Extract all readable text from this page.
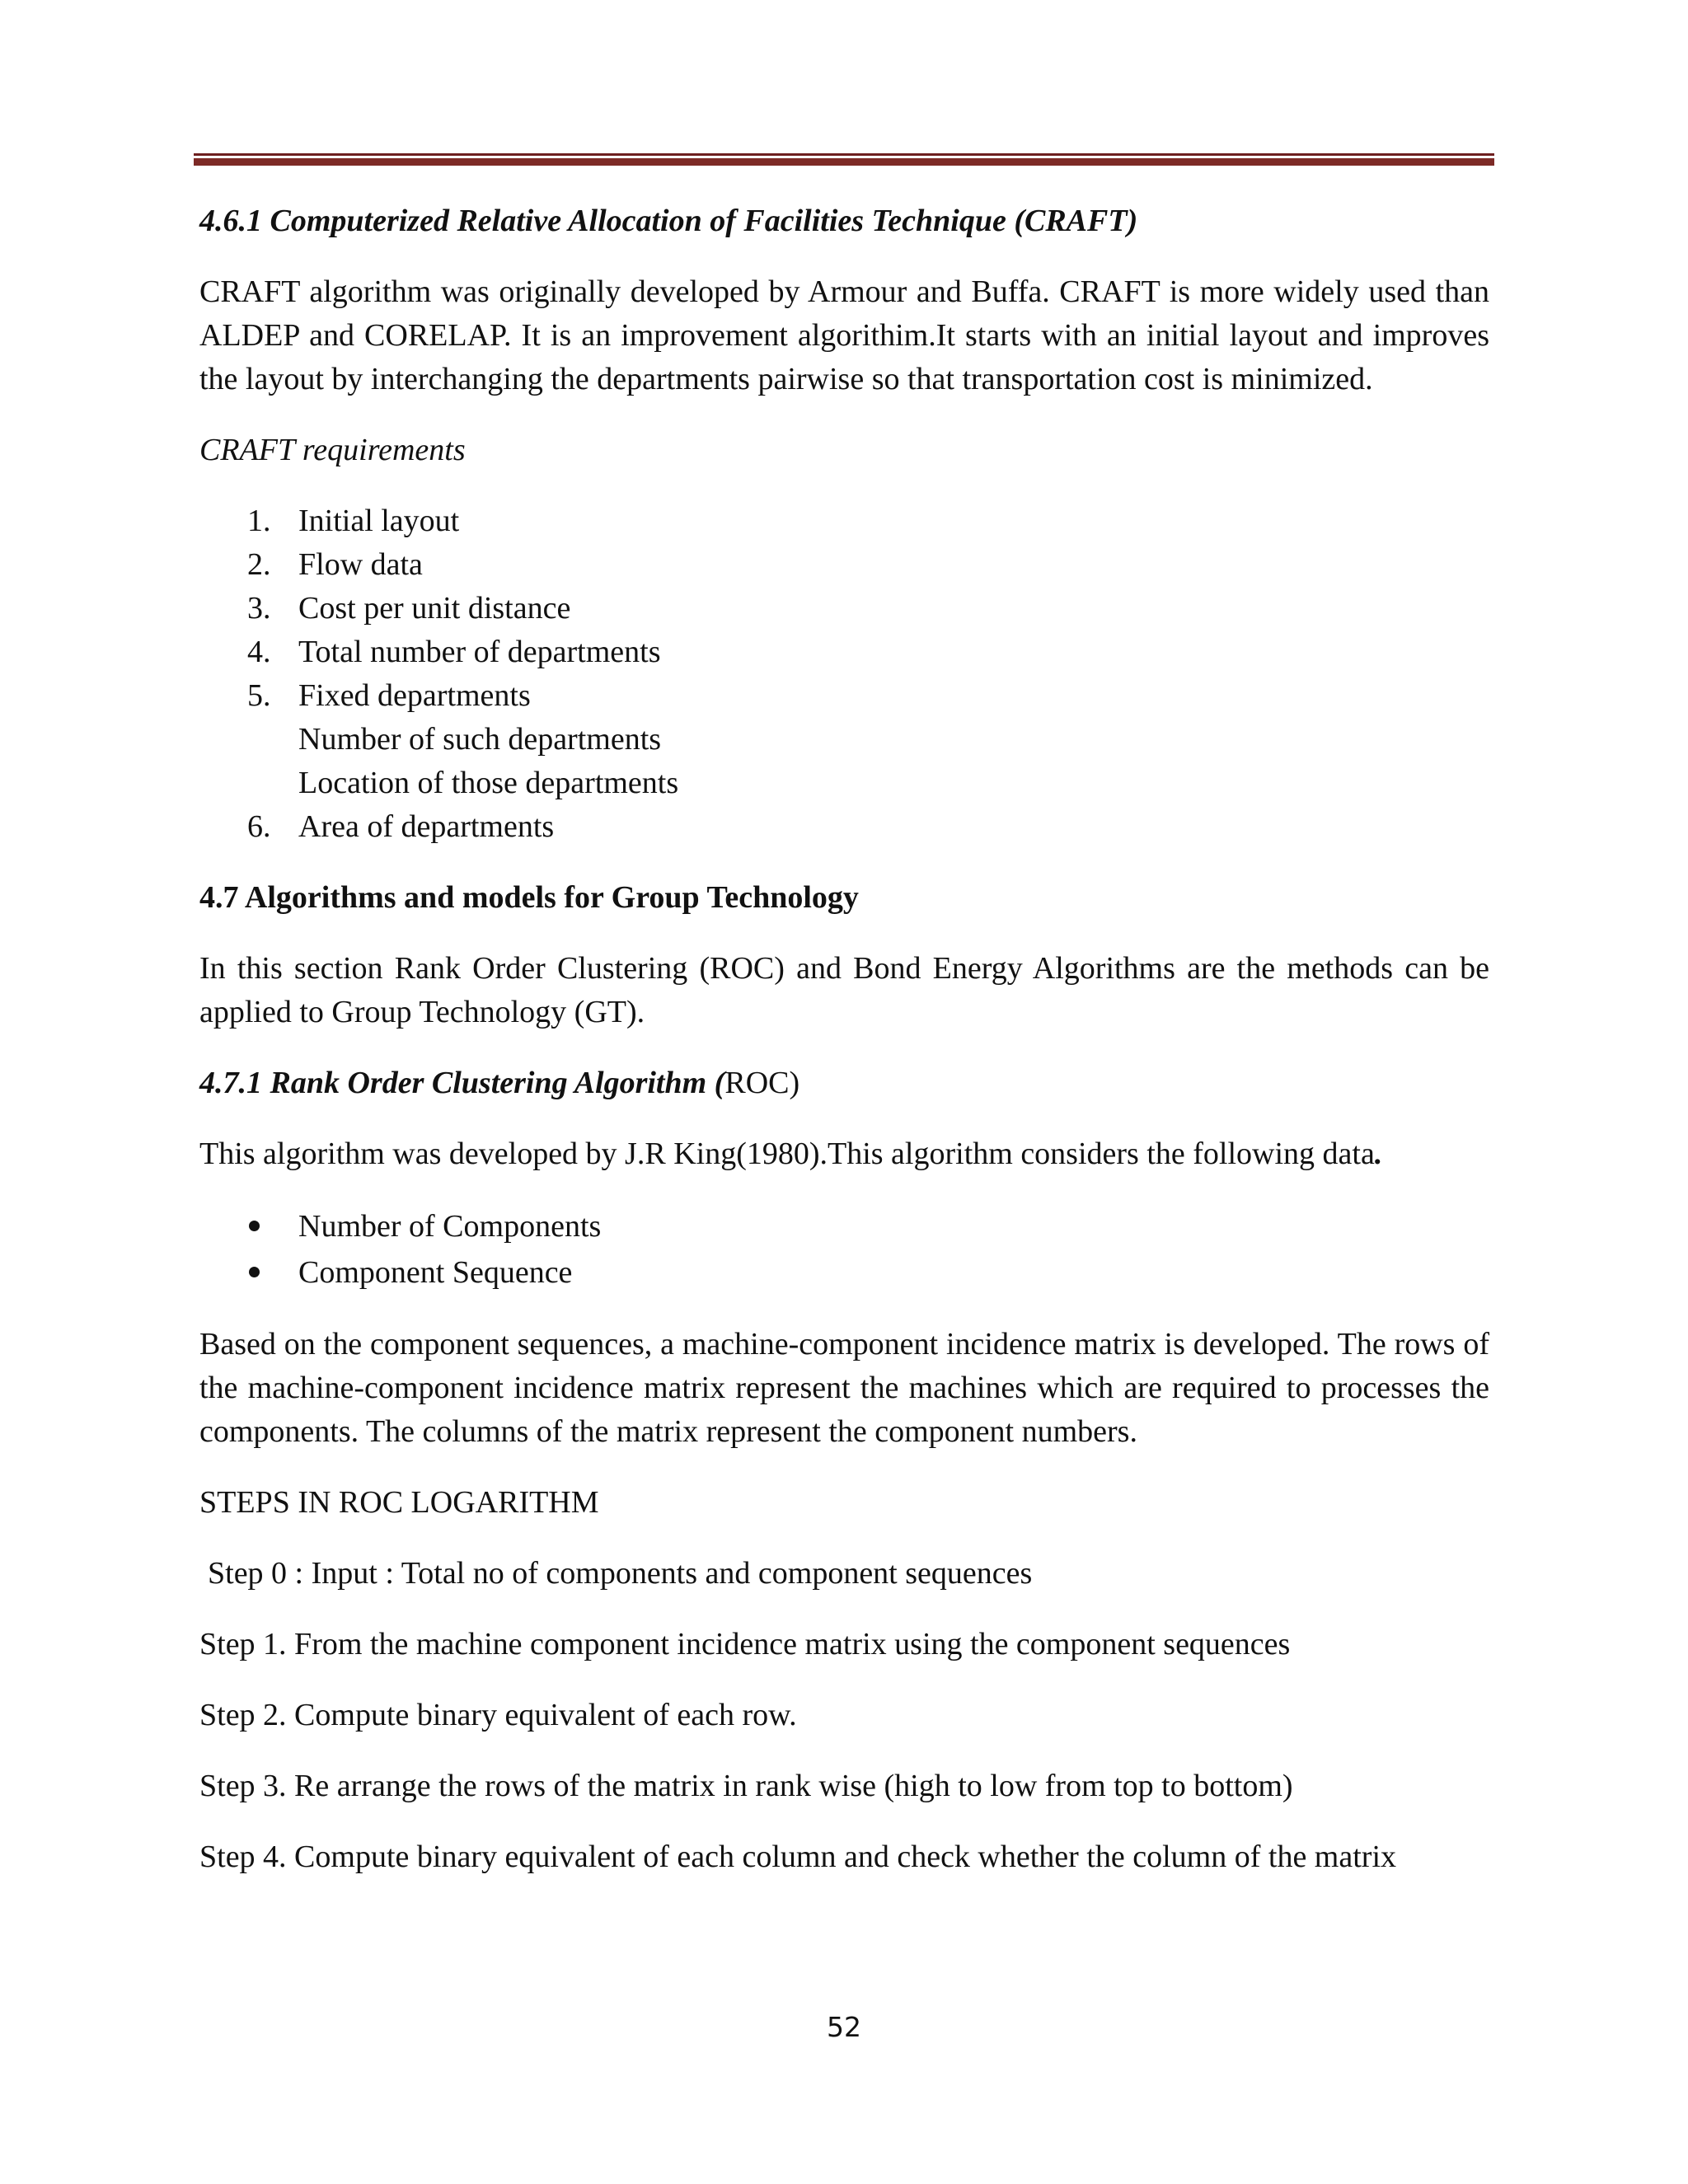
4.6.1 Computerized Relative Allocation of Facilities Technique (CRAFT)

CRAFT algorithm was originally developed by Armour and Buffa. CRAFT is more widely used than ALDEP and CORELAP. It is an improvement algorithim.It starts with an initial layout and improves the layout by interchanging the departments pairwise so that transportation cost is minimized.

CRAFT requirements
1. Initial layout
2. Flow data
3. Cost per unit distance
4. Total number of departments
5. Fixed departments
Number of such departments
Location of those departments
6. Area of departments
4.7 Algorithms and models for Group Technology

In this section Rank Order Clustering (ROC) and Bond Energy Algorithms are the methods can be applied to Group Technology (GT).

4.7.1 Rank Order Clustering Algorithm (ROC)
This algorithm was developed by J.R King(1980).This algorithm considers the following data.
Number of Components
Component Sequence

Based on the component sequences, a machine-component incidence matrix is developed. The rows of the machine-component incidence matrix represent the machines which are required to processes the components. The columns of the matrix represent the component numbers.

STEPS IN ROC LOGARITHM
Step 0 : Input : Total no of components and component sequences
Step 1. From the machine component incidence matrix using the component sequences
Step 2. Compute binary equivalent of each row.
Step 3. Re arrange the rows of the matrix in rank wise (high to low from top to bottom)
Step 4. Compute binary equivalent of each column and check whether the column of the matrix
52
